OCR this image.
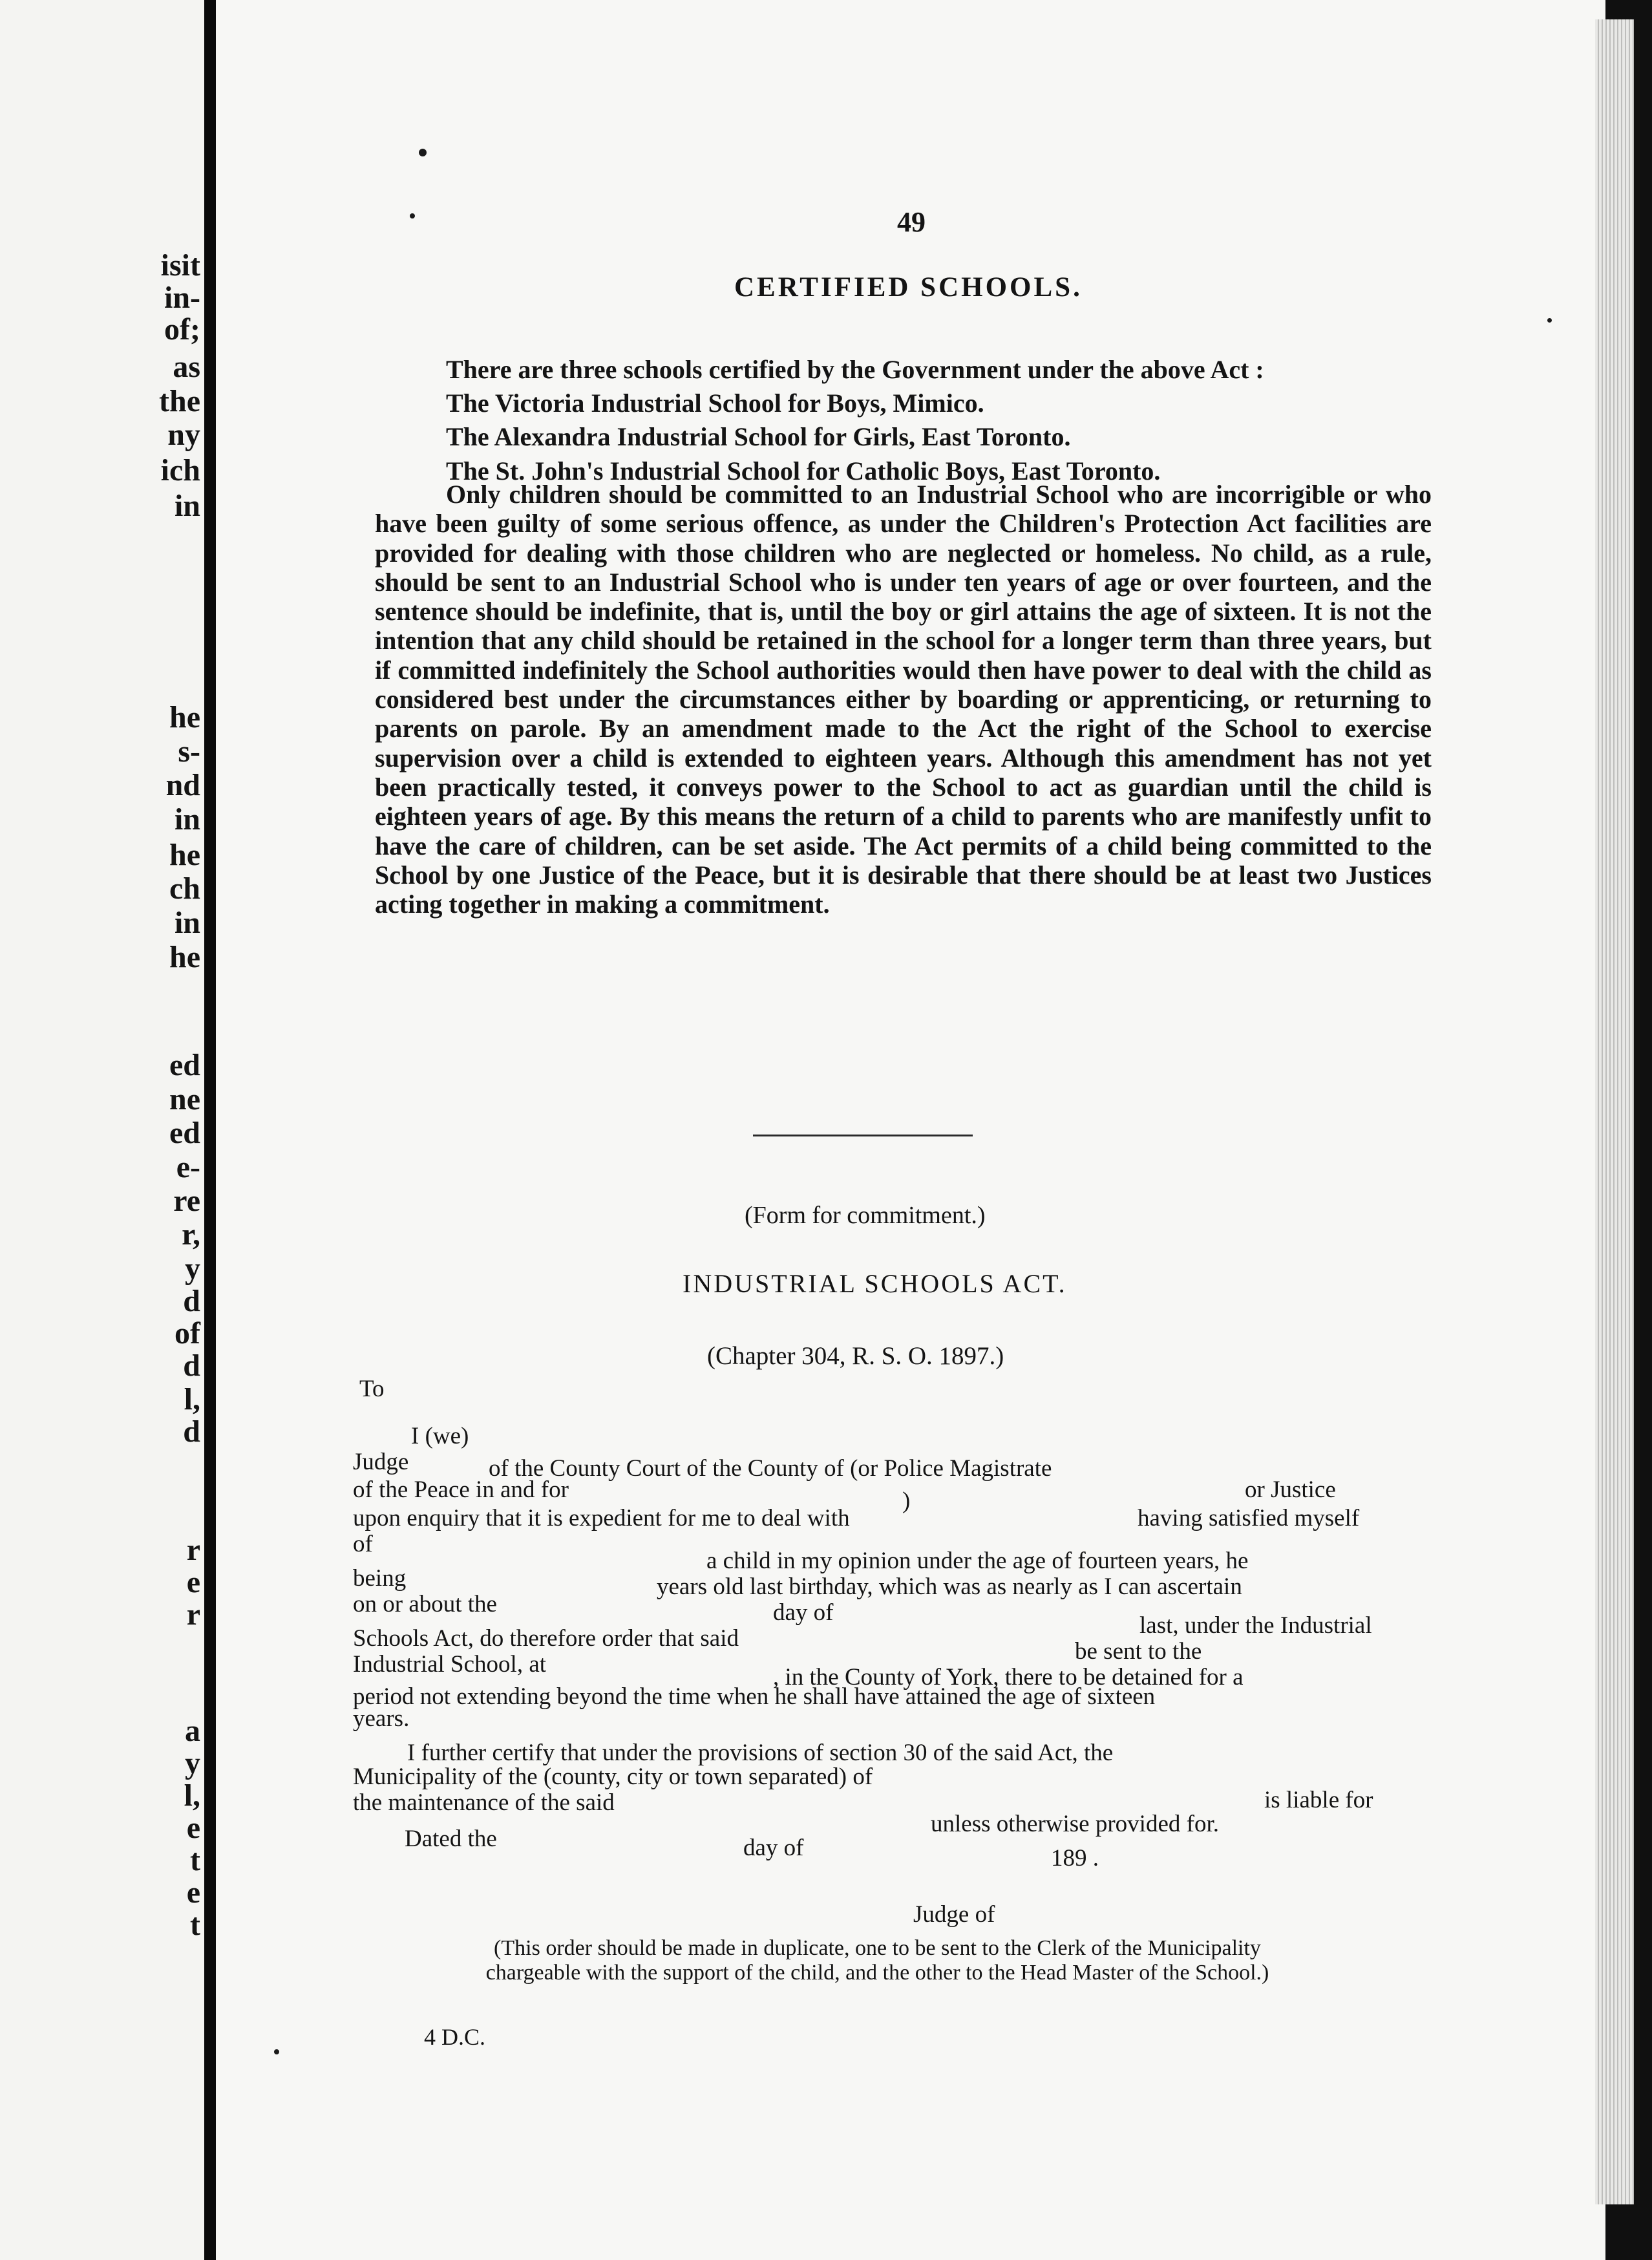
isit
in-
of;
as
the
ny
ich
in
he
s-
nd
in
he
ch
in
he
ed
ne
ed
e-
re
r,
y
d
of
d
l,
d
r
e
r
a
y
l,
e
t
e
t
49
CERTIFIED SCHOOLS.
There are three schools certified by the Government under the above Act :
The Victoria Industrial School for Boys, Mimico.
The Alexandra Industrial School for Girls, East Toronto.
The St. John's Industrial School for Catholic Boys, East Toronto.
Only children should be committed to an Industrial School who are incorrigible or who have been guilty of some serious offence, as under the Children's Protection Act facilities are provided for dealing with those children who are neglected or homeless. No child, as a rule, should be sent to an Industrial School who is under ten years of age or over fourteen, and the sentence should be indefinite, that is, until the boy or girl attains the age of sixteen. It is not the intention that any child should be retained in the school for a longer term than three years, but if committed indefinitely the School authorities would then have power to deal with the child as considered best under the circumstances either by boarding or apprenticing, or returning to parents on parole. By an amendment made to the Act the right of the School to exercise supervision over a child is extended to eighteen years. Although this amendment has not yet been practically tested, it conveys power to the School to act as guardian until the child is eighteen years of age. By this means the return of a child to parents who are manifestly unfit to have the care of children, can be set aside. The Act permits of a child being committed to the School by one Justice of the Peace, but it is desirable that there should be at least two Justices acting together in making a commitment.
(Form for commitment.)
INDUSTRIAL SCHOOLS ACT.
(Chapter 304, R. S. O. 1897.)
To
I (we)
Judge	of the County Court of the County of (or Police Magistrate
or Justice
of the Peace in and for	)
having satisfied myself
upon enquiry that it is expedient for me to deal with
of
a child in my opinion under the age of fourteen years, he
being	years old last birthday, which was as nearly as I can ascertain
on or about the	day of	last, under the Industrial
Schools Act, do therefore order that said	be sent to the
Industrial School, at	, in the County of York, there to be detained for a
period not extending beyond the time when he shall have attained the age of sixteen
years.
I further certify that under the provisions of section 30 of the said Act, the
Municipality of the (county, city or town separated) of
is liable for
the maintenance of the said
unless otherwise provided for.
Dated the	day of	189 .
Judge of
(This order should be made in duplicate, one to be sent to the Clerk of the Municipality
chargeable with the support of the child, and the other to the Head Master of the School.)
4 D.C.
